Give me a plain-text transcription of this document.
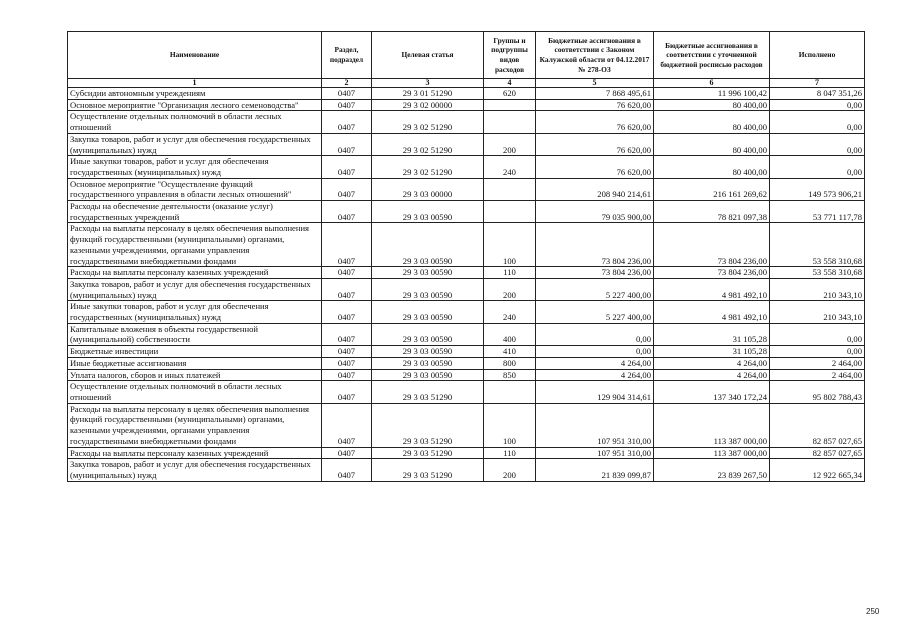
Наименование	Раздел, подраздел	Целевая статья	Группы и подгруппы видов расходов	Бюджетные ассигнования в соответствии с Законом Калужской области от 04.12.2017 № 278-ОЗ	Бюджетные ассигнования в соответствии с уточненной бюджетной росписью расходов	Исполнено
1	2	3	4	5	6	7
Субсидии автономным учреждениям	0407	29 3 01 51290	620	7 868 495,61	11 996 100,42	8 047 351,26
Основное мероприятие "Организация лесного семеноводства"	0407	29 3 02 00000		76 620,00	80 400,00	0,00
Осуществление отдельных полномочий в области лесных отношений	0407	29 3 02 51290		76 620,00	80 400,00	0,00
Закупка товаров, работ и услуг для обеспечения государственных (муниципальных) нужд	0407	29 3 02 51290	200	76 620,00	80 400,00	0,00
Иные закупки товаров, работ и услуг для обеспечения государственных (муниципальных) нужд	0407	29 3 02 51290	240	76 620,00	80 400,00	0,00
Основное мероприятие "Осуществление функций государственного управления в области лесных отношений"	0407	29 3 03 00000		208 940 214,61	216 161 269,62	149 573 906,21
Расходы на обеспечение деятельности (оказание услуг) государственных учреждений	0407	29 3 03 00590		79 035 900,00	78 821 097,38	53 771 117,78
Расходы на выплаты персоналу в целях обеспечения выполнения функций государственными (муниципальными) органами, казенными учреждениями, органами управления государственными внебюджетными фондами	0407	29 3 03 00590	100	73 804 236,00	73 804 236,00	53 558 310,68
Расходы на выплаты персоналу казенных учреждений	0407	29 3 03 00590	110	73 804 236,00	73 804 236,00	53 558 310,68
Закупка товаров, работ и услуг для обеспечения государственных (муниципальных) нужд	0407	29 3 03 00590	200	5 227 400,00	4 981 492,10	210 343,10
Иные закупки товаров, работ и услуг для обеспечения государственных (муниципальных) нужд	0407	29 3 03 00590	240	5 227 400,00	4 981 492,10	210 343,10
Капитальные вложения в объекты государственной (муниципальной) собственности	0407	29 3 03 00590	400	0,00	31 105,28	0,00
Бюджетные инвестиции	0407	29 3 03 00590	410	0,00	31 105,28	0,00
Иные бюджетные ассигнования	0407	29 3 03 00590	800	4 264,00	4 264,00	2 464,00
Уплата налогов, сборов и иных платежей	0407	29 3 03 00590	850	4 264,00	4 264,00	2 464,00
Осуществление отдельных полномочий в области лесных отношений	0407	29 3 03 51290		129 904 314,61	137 340 172,24	95 802 788,43
Расходы на выплаты персоналу в целях обеспечения выполнения функций государственными (муниципальными) органами, казенными учреждениями, органами управления государственными внебюджетными фондами	0407	29 3 03 51290	100	107 951 310,00	113 387 000,00	82 857 027,65
Расходы на выплаты персоналу казенных учреждений	0407	29 3 03 51290	110	107 951 310,00	113 387 000,00	82 857 027,65
Закупка товаров, работ и услуг для обеспечения государственных (муниципальных) нужд	0407	29 3 03 51290	200	21 839 099,87	23 839 267,50	12 922 665,34
250
